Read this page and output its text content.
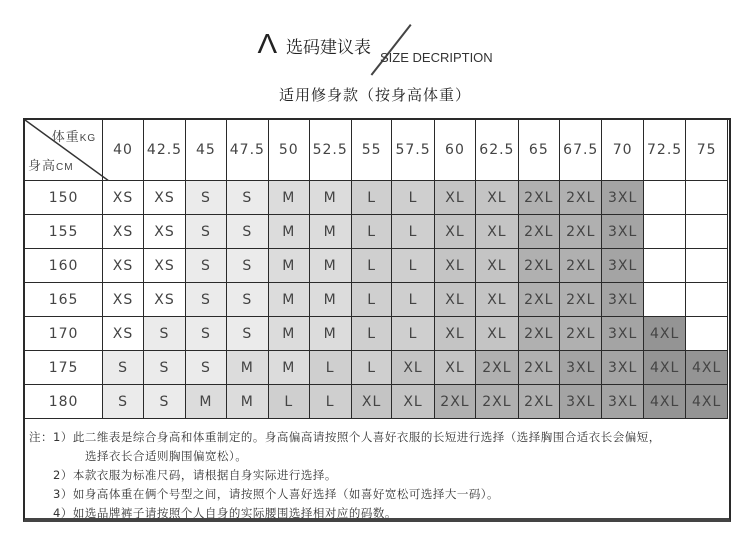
Λ 选码建议表 SIZE DECRIPTION
适用修身款（按身高体重）
体重KG
身高CM	40	42.5	45	47.5	50	52.5	55	57.5	60	62.5	65	67.5	70	72.5	75
150	XS	XS	S	S	M	M	L	L	XL	XL	2XL	2XL	3XL		
155	XS	XS	S	S	M	M	L	L	XL	XL	2XL	2XL	3XL		
160	XS	XS	S	S	M	M	L	L	XL	XL	2XL	2XL	3XL		
165	XS	XS	S	S	M	M	L	L	XL	XL	2XL	2XL	3XL		
170	XS	S	S	S	M	M	L	L	XL	XL	2XL	2XL	3XL	4XL	
175	S	S	S	M	M	L	L	XL	XL	2XL	2XL	3XL	3XL	4XL	4XL
180	S	S	M	M	L	L	XL	XL	2XL	2XL	2XL	3XL	3XL	4XL	4XL
注：1）此二维表是综合身高和体重制定的。身高偏高请按照个人喜好衣服的长短进行选择（选择胸围合适衣长会偏短，
选择衣长合适则胸围偏宽松）。
2）本款衣服为标准尺码，请根据自身实际进行选择。
3）如身高体重在俩个号型之间，请按照个人喜好选择（如喜好宽松可选择大一码）。
4）如选品牌裤子请按照个人自身的实际腰围选择相对应的码数。
